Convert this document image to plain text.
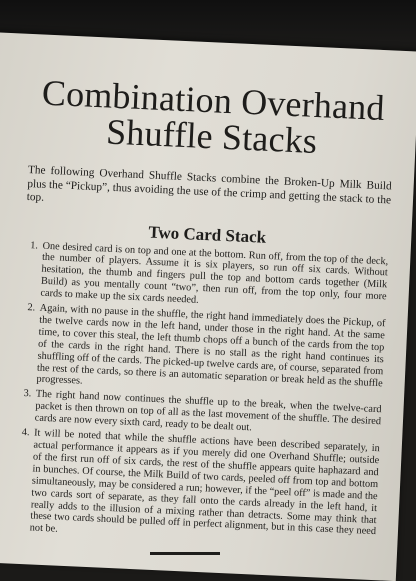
Combination Overhand Shuffle Stacks

The following Overhand Shuffle Stacks combine the Broken-Up Milk Build plus the “Pickup”, thus avoiding the use of the crimp and getting the stack to the top.

Two Card Stack
1. One desired card is on top and one at the bottom. Run off, from the top of the deck, the number of players. Assume it is six players, so run off six cards. Without hesitation, the thumb and fingers pull the top and bottom cards together (Milk Build) as you mentally count “two”, then run off, from the top only, four more cards to make up the six cards needed.
2. Again, with no pause in the shuffle, the right hand immediately does the Pickup, of the twelve cards now in the left hand, under those in the right hand. At the same time, to cover this steal, the left thumb chops off a bunch of the cards from the top of the cards in the right hand. There is no stall as the right hand continues its shuffling off of the cards. The picked-up twelve cards are, of course, separated from the rest of the cards, so there is an automatic separation or break held as the shuffle progresses.
3. The right hand now continues the shuffle up to the break, when the twelve-card packet is then thrown on top of all as the last movement of the shuffle. The desired cards are now every sixth card, ready to be dealt out.
4. It will be noted that while the shuffle actions have been described separately, in actual performance it appears as if you merely did one Overhand Shuffle; outside of the first run off of six cards, the rest of the shuffle appears quite haphazard and in bunches. Of course, the Milk Build of two cards, peeled off from top and bottom simultaneously, may be considered a run; however, if the “peel off” is made and the two cards sort of separate, as they fall onto the cards already in the left hand, it really adds to the illusion of a mixing rather than detracts. Some may think that these two cards should be pulled off in perfect alignment, but in this case they need not be.
